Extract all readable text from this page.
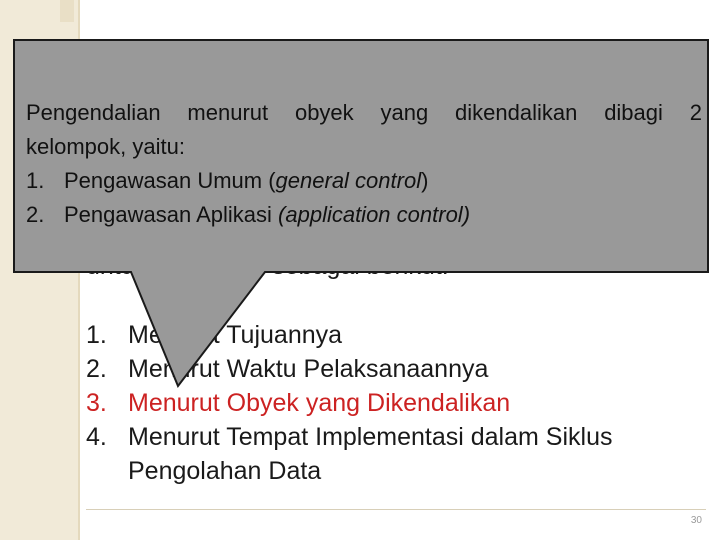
1. Menurut Tujuannya
2. Menurut Waktu Pelaksanaannya
3. Menurut Obyek yang Dikendalikan
4. Menurut Tempat Implementasi dalam Siklus Pengolahan Data
30
Pengendalian menurut obyek yang dikendalikan dibagi 2
kelompok, yaitu:
1. Pengawasan Umum (general control)
2. Pengawasan Aplikasi (application control)
